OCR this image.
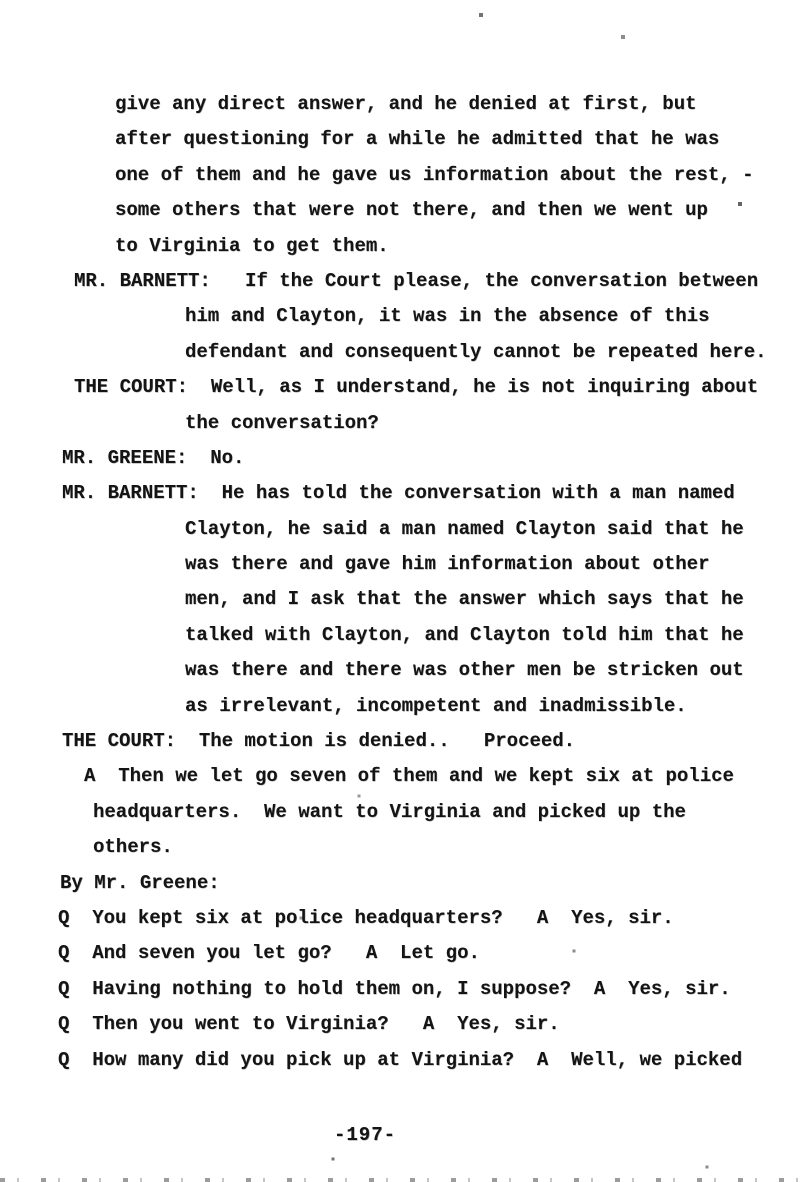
give any direct answer, and he denied at first, but
after questioning for a while he admitted that he was
one of them and he gave us information about the rest, -
some others that were not there, and then we went up
to Virginia to get them.
MR. BARNETT:   If the Court please, the conversation between
him and Clayton, it was in the absence of this
defendant and consequently cannot be repeated here.
THE COURT:  Well, as I understand, he is not inquiring about
the conversation?
MR. GREENE:  No.
MR. BARNETT:  He has told the conversation with a man named
Clayton, he said a man named Clayton said that he
was there and gave him information about other
men, and I ask that the answer which says that he
talked with Clayton, and Clayton told him that he
was there and there was other men be stricken out
as irrelevant, incompetent and inadmissible.
THE COURT:  The motion is denied..   Proceed.
A  Then we let go seven of them and we kept six at police
headquarters.  We want to Virginia and picked up the
others.
By Mr. Greene:
Q  You kept six at police headquarters?   A  Yes, sir.
Q  And seven you let go?   A  Let go.
Q  Having nothing to hold them on, I suppose?  A  Yes, sir.
Q  Then you went to Virginia?   A  Yes, sir.
Q  How many did you pick up at Virginia?  A  Well, we picked
-197-
